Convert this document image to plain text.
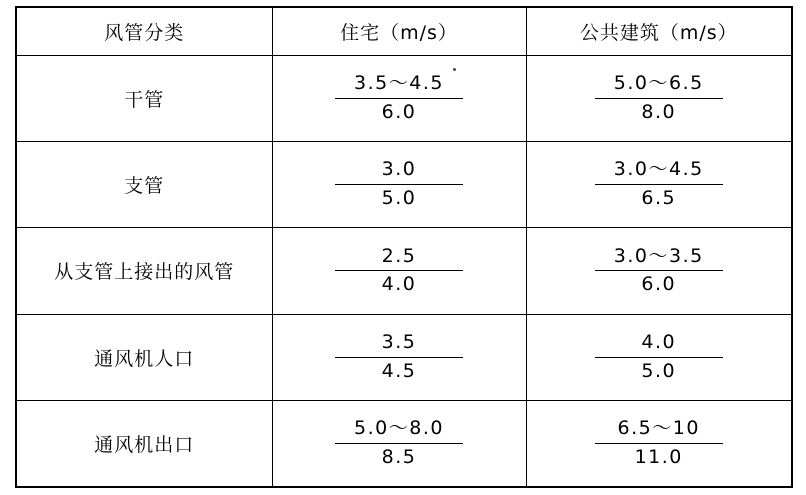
风管分类	住宅（m/s）	公共建筑（m/s）
干管	$\frac{3.5\sim 4.5}{6.0}$	$\frac{5.0\sim 6.5}{8.0}$

支管	$\frac{3.0}{5.0}$	$\frac{3.0\sim 4.5}{6.5}$

从支管上接出的风管	$\frac{2.5}{4.0}$	$\frac{3.0\sim 3.5}{6.0}$

通风机人口	$\frac{3.5}{4.5}$	$\frac{4.0}{5.0}$

通风机出口	$\frac{5.0\sim 8.0}{8.5}$	$\frac{6.5\sim 10}{11.0}$
